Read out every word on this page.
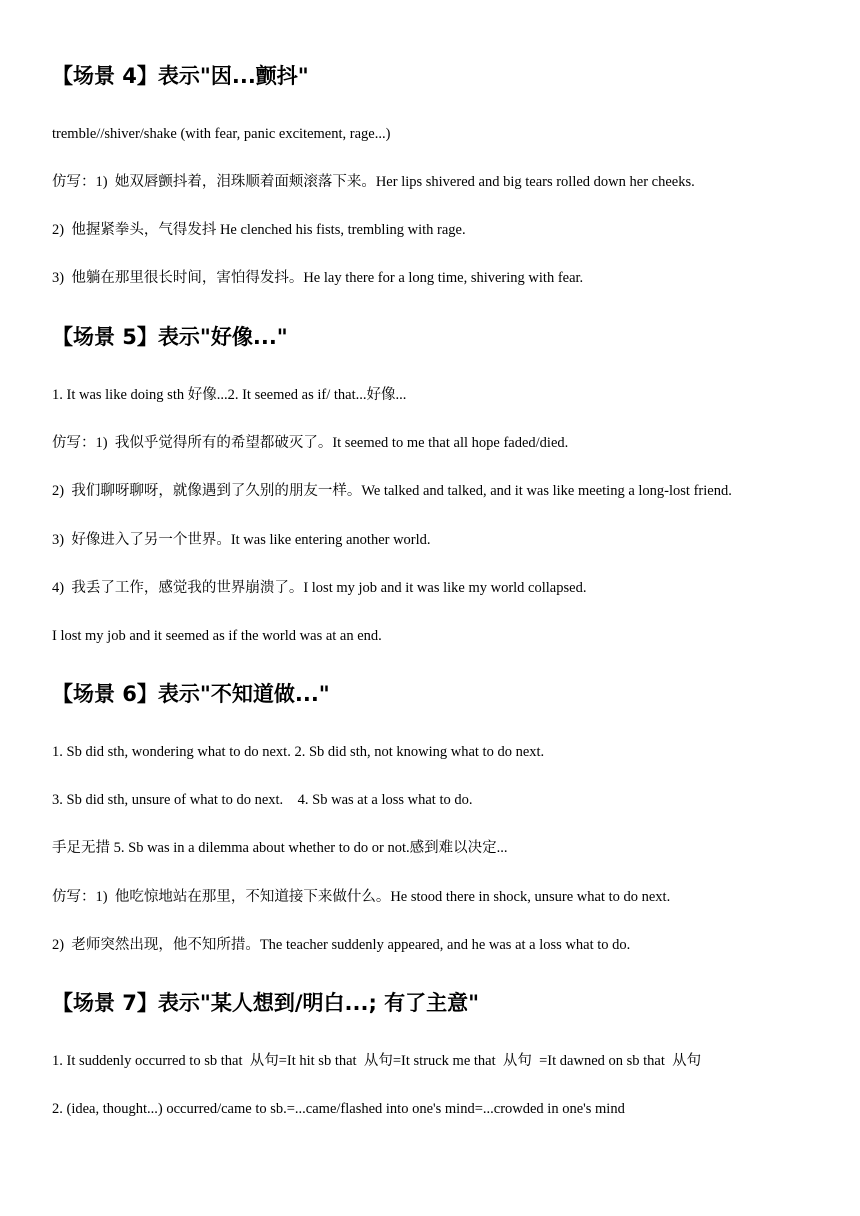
【场景 4】表示"因...颤抖"
tremble//shiver/shake (with fear, panic excitement, rage...)
仿写：1)  她双唇颤抖着，泪珠顺着面颊滚落下来。Her lips shivered and big tears rolled down her cheeks.
2)  他握紧拳头，气得发抖 He clenched his fists, trembling with rage.
3)  他躺在那里很长时间，害怕得发抖。He lay there for a long time, shivering with fear.
【场景 5】表示"好像..."
1. It was like doing sth 好像...2. It seemed as if/ that...好像...
仿写：1)  我似乎觉得所有的希望都破灭了。It seemed to me that all hope faded/died.
2)  我们聊呀聊呀，就像遇到了久别的朋友一样。We talked and talked, and it was like meeting a long-lost friend.
3)  好像进入了另一个世界。It was like entering another world.
4)  我丢了工作，感觉我的世界崩溃了。I lost my job and it was like my world collapsed.
I lost my job and it seemed as if the world was at an end.
【场景 6】表示"不知道做..."
1. Sb did sth, wondering what to do next. 2. Sb did sth, not knowing what to do next.
3. Sb did sth, unsure of what to do next.    4. Sb was at a loss what to do.
手足无措 5. Sb was in a dilemma about whether to do or not.感到难以决定...
仿写：1)  他吃惊地站在那里，不知道接下来做什么。He stood there in shock, unsure what to do next.
2)  老师突然出现，他不知所措。The teacher suddenly appeared, and he was at a loss what to do.
【场景 7】表示"某人想到/明白...; 有了主意"
1. It suddenly occurred to sb that  从句=It hit sb that  从句=It struck me that  从句  =It dawned on sb that  从句
2. (idea, thought...) occurred/came to sb.=...came/flashed into one's mind=...crowded in one's mind
